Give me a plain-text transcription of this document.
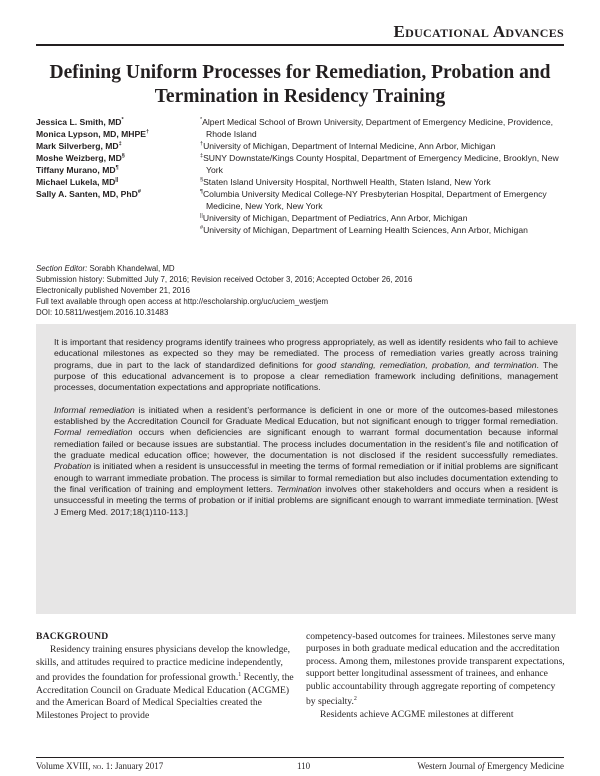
Educational Advances
Defining Uniform Processes for Remediation, Probation and
Termination in Residency Training
Jessica L. Smith, MD*
Monica Lypson, MD, MHPE†
Mark Silverberg, MD‡
Moshe Weizberg, MD§
Tiffany Murano, MD¶
Michael Lukela, MD||
Sally A. Santen, MD, PhD#
*Alpert Medical School of Brown University, Department of Emergency Medicine, Providence, Rhode Island
†University of Michigan, Department of Internal Medicine, Ann Arbor, Michigan
‡SUNY Downstate/Kings County Hospital, Department of Emergency Medicine, Brooklyn, New York
§Staten Island University Hospital, Northwell Health, Staten Island, New York
¶Columbia University Medical College-NY Presbyterian Hospital, Department of Emergency Medicine, New York, New York
||University of Michigan, Department of Pediatrics, Ann Arbor, Michigan
#University of Michigan, Department of Learning Health Sciences, Ann Arbor, Michigan
Section Editor: Sorabh Khandelwal, MD
Submission history: Submitted July 7, 2016; Revision received October 3, 2016; Accepted October 26, 2016
Electronically published November 21, 2016
Full text available through open access at http://escholarship.org/uc/uciem_westjem
DOI: 10.5811/westjem.2016.10.31483

It is important that residency programs identify trainees who progress appropriately, as well as identify residents who fail to achieve educational milestones as expected so they may be remediated. The process of remediation varies greatly across training programs, due in part to the lack of standardized definitions for good standing, remediation, probation, and termination. The purpose of this educational advancement is to propose a clear remediation framework including definitions, management processes, documentation expectations and appropriate notifications.

Informal remediation is initiated when a resident’s performance is deficient in one or more of the outcomes-based milestones established by the Accreditation Council for Graduate Medical Education, but not significant enough to trigger formal remediation. Formal remediation occurs when deficiencies are significant enough to warrant formal documentation because informal remediation failed or because issues are substantial. The process includes documentation in the resident’s file and notification of the graduate medical education office; however, the documentation is not disclosed if the resident successfully remediates. Probation is initiated when a resident is unsuccessful in meeting the terms of formal remediation or if initial problems are significant enough to warrant immediate probation. The process is similar to formal remediation but also includes documentation extending to the final verification of training and employment letters. Termination involves other stakeholders and occurs when a resident is unsuccessful in meeting the terms of probation or if initial problems are significant enough to warrant immediate termination. [West J Emerg Med. 2017;18(1)110-113.]

BACKGROUND

Residency training ensures physicians develop the knowledge, skills, and attitudes required to practice medicine independently, and provides the foundation for professional growth.$^1$ Recently, the Accreditation Council on Graduate Medical Education (ACGME) and the American Board of Medical Specialties created the Milestones Project to provide

competency-based outcomes for trainees. Milestones serve many purposes in both graduate medical education and the accreditation process. Among them, milestones provide transparent expectations, support better longitudinal assessment of trainees, and enhance public accountability through aggregate reporting of competency by specialty.$^2$

Residents achieve ACGME milestones at different

Volume XVIII, no. 1: January 2017	110	Western Journal of Emergency Medicine
